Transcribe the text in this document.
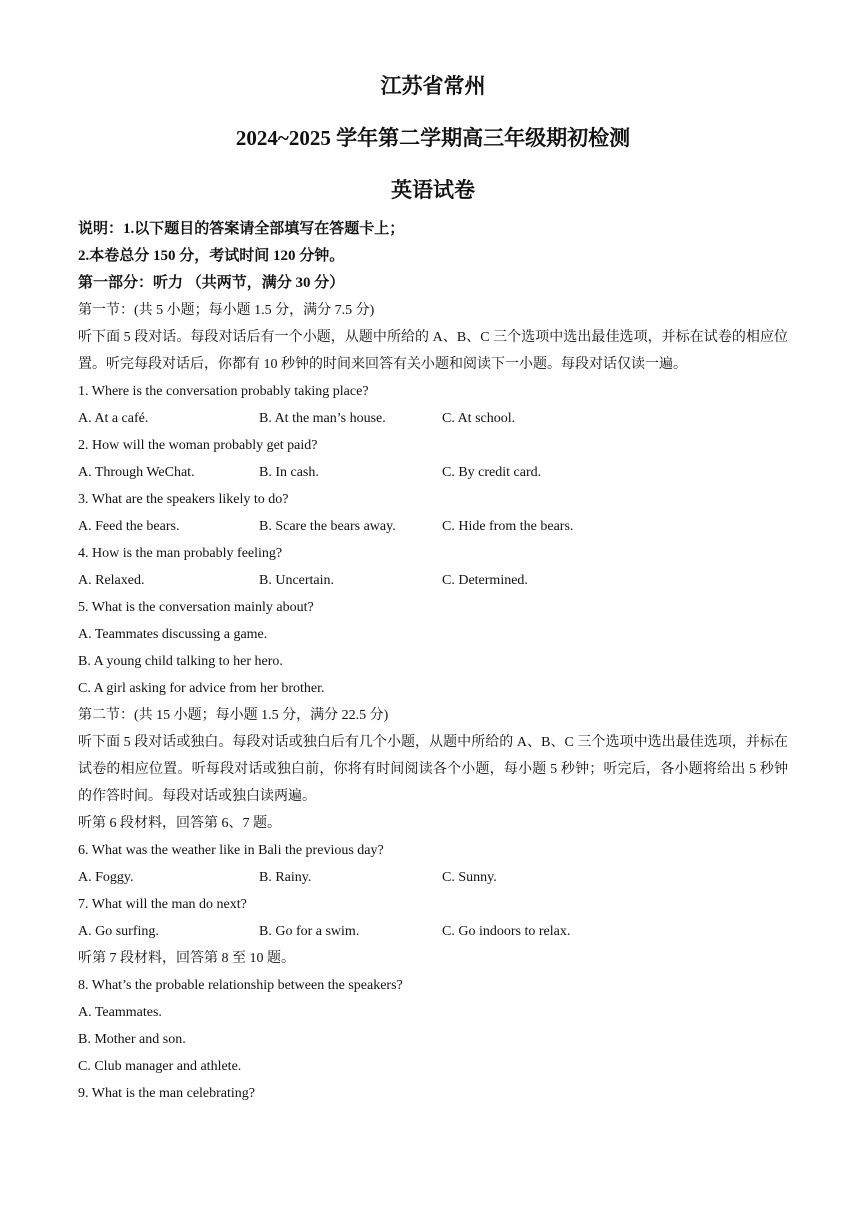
江苏省常州
2024~2025 学年第二学期高三年级期初检测
英语试卷
说明：1.以下题目的答案请全部填写在答题卡上；
2.本卷总分 150 分，考试时间 120 分钟。
第一部分：听力 （共两节，满分 30 分）
第一节：(共 5 小题；每小题 1.5 分，满分 7.5 分)
听下面 5 段对话。每段对话后有一个小题，从题中所给的 A、B、C 三个选项中选出最佳选项，并标在试卷的相应位置。听完每段对话后，你都有 10 秒钟的时间来回答有关小题和阅读下一小题。每段对话仅读一遍。
1. Where is the conversation probably taking place?
A. At a café.	B. At the man’s house.	C. At school.
2. How will the woman probably get paid?
A. Through WeChat.	B. In cash.	C. By credit card.
3. What are the speakers likely to do?
A. Feed the bears.	B. Scare the bears away.	C. Hide from the bears.
4. How is the man probably feeling?
A. Relaxed.	B. Uncertain.	C. Determined.
5. What is the conversation mainly about?
A. Teammates discussing a game.
B. A young child talking to her hero.
C. A girl asking for advice from her brother.
第二节：(共 15 小题；每小题 1.5 分，满分 22.5 分)
听下面 5 段对话或独白。每段对话或独白后有几个小题，从题中所给的 A、B、C 三个选项中选出最佳选项，并标在试卷的相应位置。听每段对话或独白前，你将有时间阅读各个小题，每小题 5 秒钟；听完后，各小题将给出 5 秒钟的作答时间。每段对话或独白读两遍。
听第 6 段材料，回答第 6、7 题。
6. What was the weather like in Bali the previous day?
A. Foggy.	B. Rainy.	C. Sunny.
7. What will the man do next?
A. Go surfing.	B. Go for a swim.	C. Go indoors to relax.
听第 7 段材料，回答第 8 至 10 题。
8. What’s the probable relationship between the speakers?
A. Teammates.
B. Mother and son.
C. Club manager and athlete.
9. What is the man celebrating?
